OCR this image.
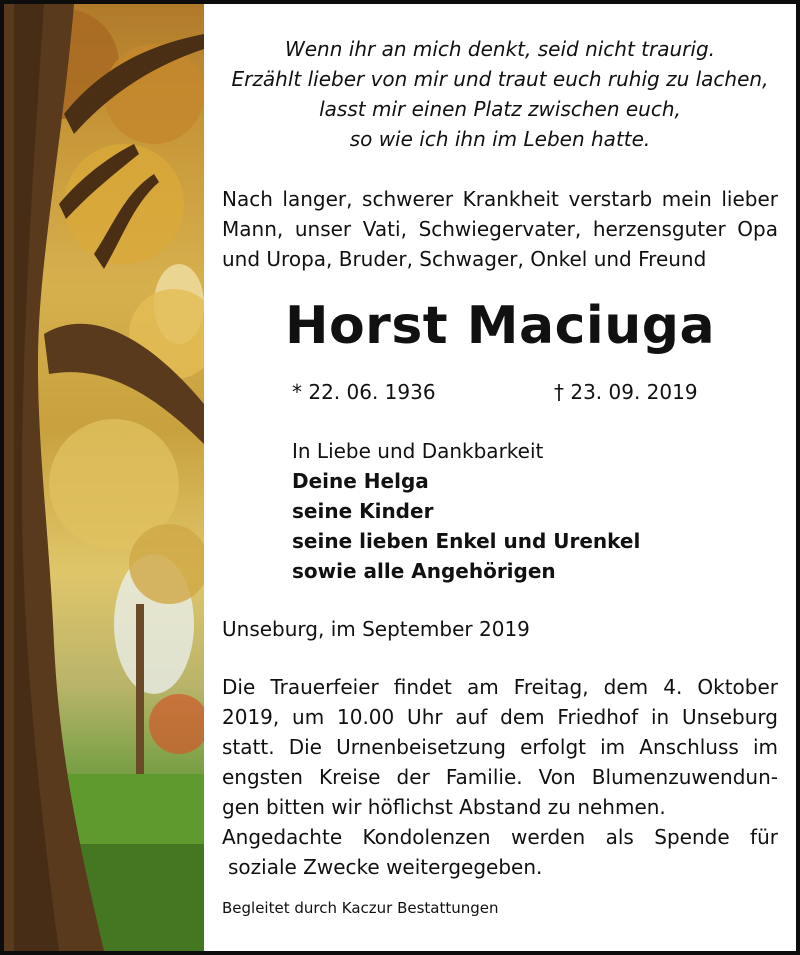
Wenn ihr an mich denkt, seid nicht traurig.
Erzählt lieber von mir und traut euch ruhig zu lachen,
lasst mir einen Platz zwischen euch,
so wie ich ihn im Leben hatte.
Nach langer, schwerer Krankheit verstarb mein lieber
Mann, unser Vati, Schwiegervater, herzensguter Opa
und Uropa, Bruder, Schwager, Onkel und Freund
Horst Maciuga
* 22. 06. 1936	† 23. 09. 2019
In Liebe und Dankbarkeit
Deine Helga
seine Kinder
seine lieben Enkel und Urenkel
sowie alle Angehörigen
Unseburg, im September 2019
Die Trauerfeier findet am Freitag, dem 4. Oktober
2019, um 10.00 Uhr auf dem Friedhof in Unseburg
statt. Die Urnenbeisetzung erfolgt im Anschluss im
engsten Kreise der Familie. Von Blumenzuwendun-
gen bitten wir höflichst Abstand zu nehmen.
Angedachte Kondolenzen werden als Spende für
soziale Zwecke weitergegeben.
Begleitet durch Kaczur Bestattungen
